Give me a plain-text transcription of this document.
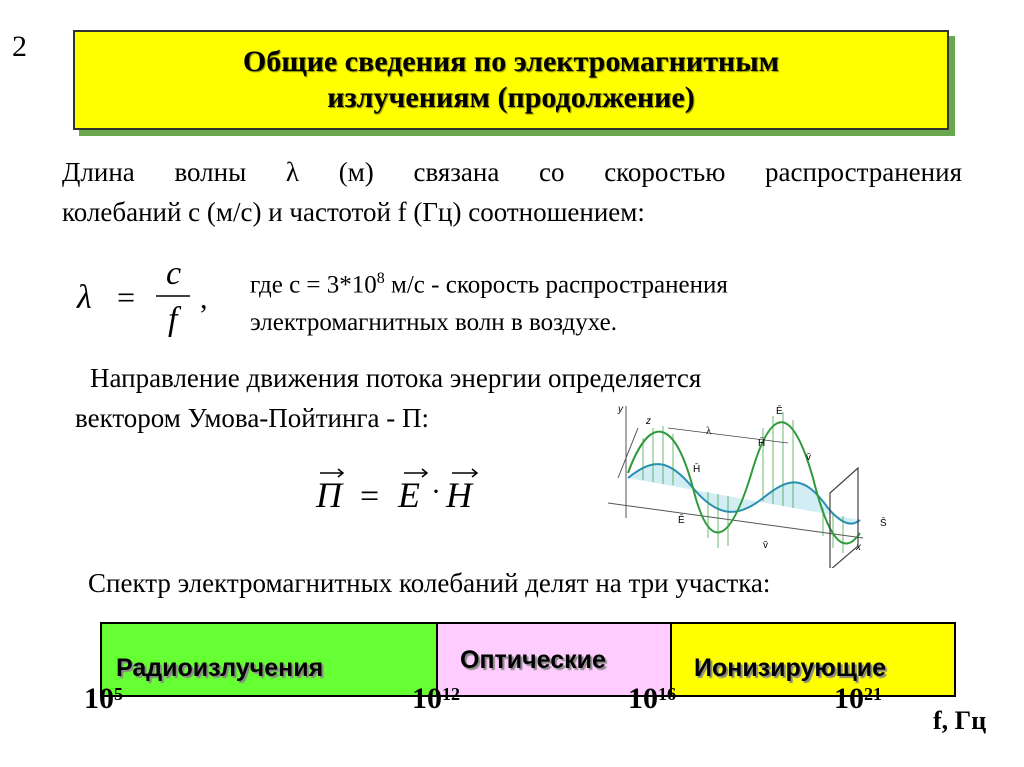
2	Общие сведения по электромагнитным
излучениям (продолжение)
Длина волны λ (м) связана со скоростью распространения
колебаний c (м/с) и частотой f (Гц) соотношением:
λ =
c
f
, где $с = 3*10^8$ м/с - скорость распространения
электромагнитных волн в воздухе.
Направление движения потока энергии определяется
вектором Умова-Пойтинга - П:
П = E · H
y
x
z
λ
Ē
H̄
H̄
Ē
v̄
v̄
S̄
Спектр электромагнитных колебаний делят на три участка:
Радиоизлучения	Оптические	Ионизирующие
$10^5$	$10^{12}$	$10^{16}$	$10^{21}$
f, Гц
